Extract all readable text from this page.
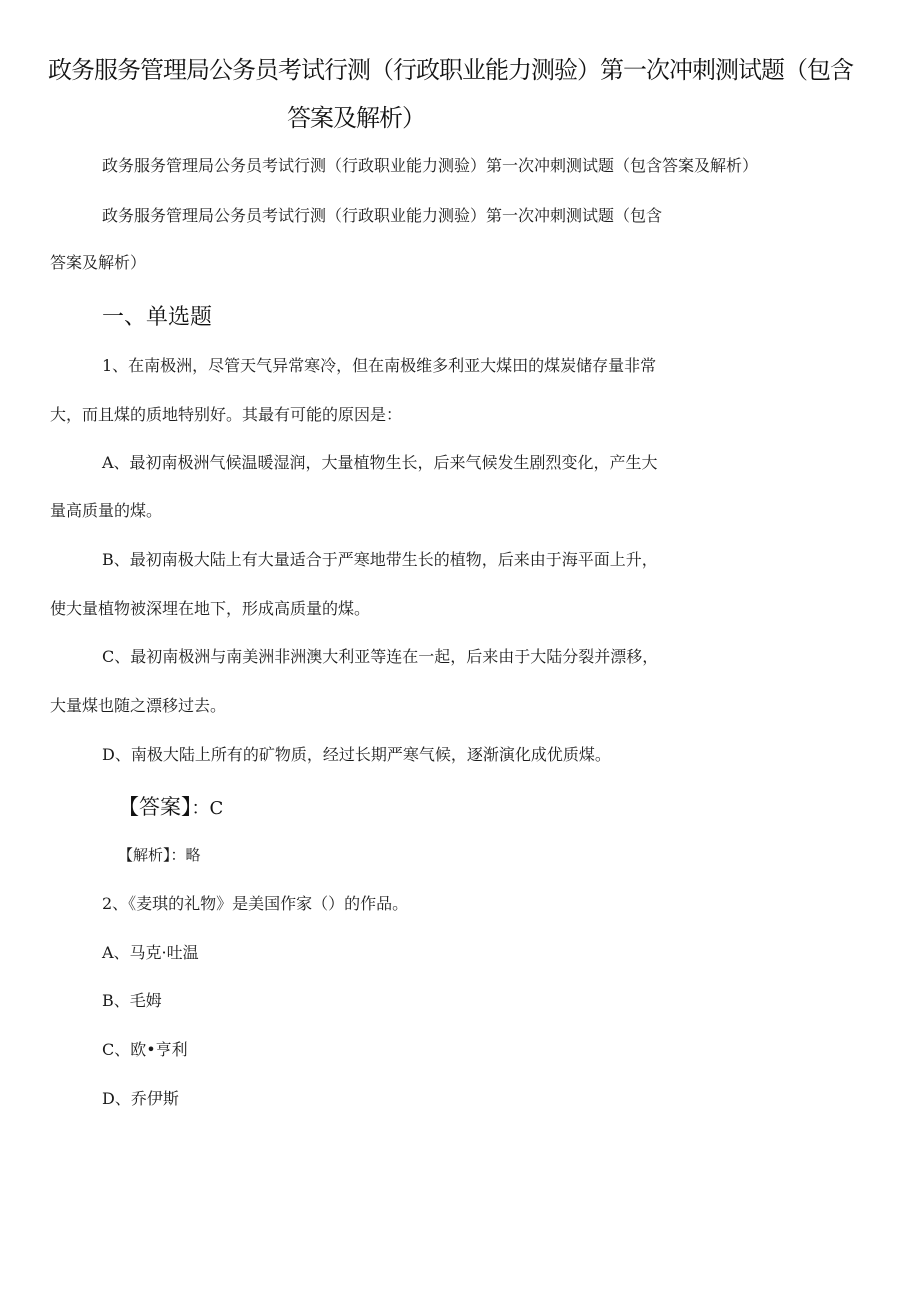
政务服务管理局公务员考试行测（行政职业能力测验）第一次冲刺测试题（包含
答案及解析）
政务服务管理局公务员考试行测（行政职业能力测验）第一次冲刺测试题（包含答案及解析）
政务服务管理局公务员考试行测（行政职业能力测验）第一次冲刺测试题（包含
答案及解析）
一、单选题
1、在南极洲，尽管天气异常寒冷，但在南极维多利亚大煤田的煤炭储存量非常
大，而且煤的质地特别好。其最有可能的原因是：
A、最初南极洲气候温暖湿润，大量植物生长，后来气候发生剧烈变化，产生大
量高质量的煤。
B、最初南极大陆上有大量适合于严寒地带生长的植物，后来由于海平面上升，
使大量植物被深埋在地下，形成高质量的煤。
C、最初南极洲与南美洲非洲澳大利亚等连在一起，后来由于大陆分裂并漂移，
大量煤也随之漂移过去。
D、南极大陆上所有的矿物质，经过长期严寒气候，逐渐演化成优质煤。
【答案】：C
【解析】：略
2、《麦琪的礼物》是美国作家（）的作品。
A、马克·吐温
B、毛姆
C、欧•亨利
D、乔伊斯
